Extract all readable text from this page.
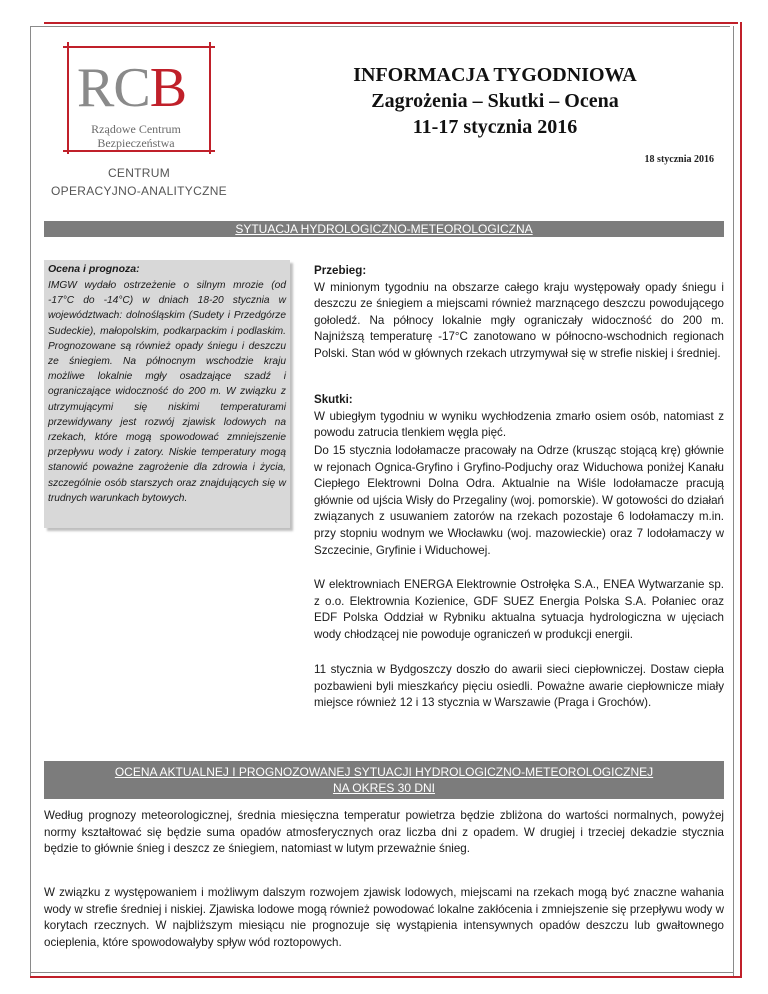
RCB
Rządowe Centrum
Bezpieczeństwa
CENTRUM
OPERACYJNO-ANALITYCZNE
INFORMACJA TYGODNIOWA
Zagrożenia – Skutki – Ocena
11-17 stycznia 2016
18 stycznia 2016
SYTUACJA HYDROLOGICZNO-METEOROLOGICZNA
Ocena i prognoza:
IMGW wydało ostrzeżenie o silnym mrozie (od -17°C do -14°C) w dniach 18-20 stycznia w województwach: dolnośląskim (Sudety i Przedgórze Sudeckie), małopolskim, podkarpackim i podlaskim. Prognozowane są również opady śniegu i deszczu ze śniegiem. Na północnym wschodzie kraju możliwe lokalnie mgły osadzające szadź i ograniczające widoczność do 200 m. W związku z utrzymującymi się niskimi temperaturami przewidywany jest rozwój zjawisk lodowych na rzekach, które mogą spowodować zmniejszenie przepływu wody i zatory. Niskie temperatury mogą stanowić poważne zagrożenie dla zdrowia i życia, szczególnie osób starszych oraz znajdujących się w trudnych warunkach bytowych.
Przebieg:
W minionym tygodniu na obszarze całego kraju występowały opady śniegu i deszczu ze śniegiem a miejscami również marznącego deszczu powodującego gołoledź. Na północy lokalnie mgły ograniczały widoczność do 200 m. Najniższą temperaturę -17°C zanotowano w północno-wschodnich regionach Polski. Stan wód w głównych rzekach utrzymywał się w strefie niskiej i średniej.
Skutki:
W ubiegłym tygodniu w wyniku wychłodzenia zmarło osiem osób, natomiast z powodu zatrucia tlenkiem węgla pięć.
Do 15 stycznia lodołamacze pracowały na Odrze (krusząc stojącą krę) głównie w rejonach Ognica-Gryfino i Gryfino-Podjuchy oraz Widuchowa poniżej Kanału Ciepłego Elektrowni Dolna Odra. Aktualnie na Wiśle lodołamacze pracują głównie od ujścia Wisły do Przegaliny (woj. pomorskie). W gotowości do działań związanych z usuwaniem zatorów na rzekach pozostaje 6 lodołamaczy m.in. przy stopniu wodnym we Włocławku (woj. mazowieckie) oraz 7 lodołamaczy w Szczecinie, Gryfinie i Widuchowej.
W elektrowniach ENERGA Elektrownie Ostrołęka S.A., ENEA Wytwarzanie sp. z o.o. Elektrownia Kozienice, GDF SUEZ Energia Polska S.A. Połaniec oraz EDF Polska Oddział w Rybniku aktualna sytuacja hydrologiczna w ujęciach wody chłodzącej nie powoduje ograniczeń w produkcji energii.
11 stycznia w Bydgoszczy doszło do awarii sieci ciepłowniczej. Dostaw ciepła pozbawieni byli mieszkańcy pięciu osiedli. Poważne awarie ciepłownicze miały miejsce również 12 i 13 stycznia w Warszawie (Praga i Grochów).
OCENA AKTUALNEJ I PROGNOZOWANEJ SYTUACJI HYDROLOGICZNO-METEOROLOGICZNEJ
NA OKRES 30 DNI
Według prognozy meteorologicznej, średnia miesięczna temperatur powietrza będzie zbliżona do wartości normalnych, powyżej normy kształtować się będzie suma opadów atmosferycznych oraz liczba dni z opadem. W drugiej i trzeciej dekadzie stycznia będzie to głównie śnieg i deszcz ze śniegiem, natomiast w lutym przeważnie śnieg.
W związku z występowaniem i możliwym dalszym rozwojem zjawisk lodowych, miejscami na rzekach mogą być znaczne wahania wody w strefie średniej i niskiej. Zjawiska lodowe mogą również powodować lokalne zakłócenia i zmniejszenie się przepływu wody w korytach rzecznych. W najbliższym miesiącu nie prognozuje się wystąpienia intensywnych opadów deszczu lub gwałtownego ocieplenia, które spowodowałyby spływ wód roztopowych.
